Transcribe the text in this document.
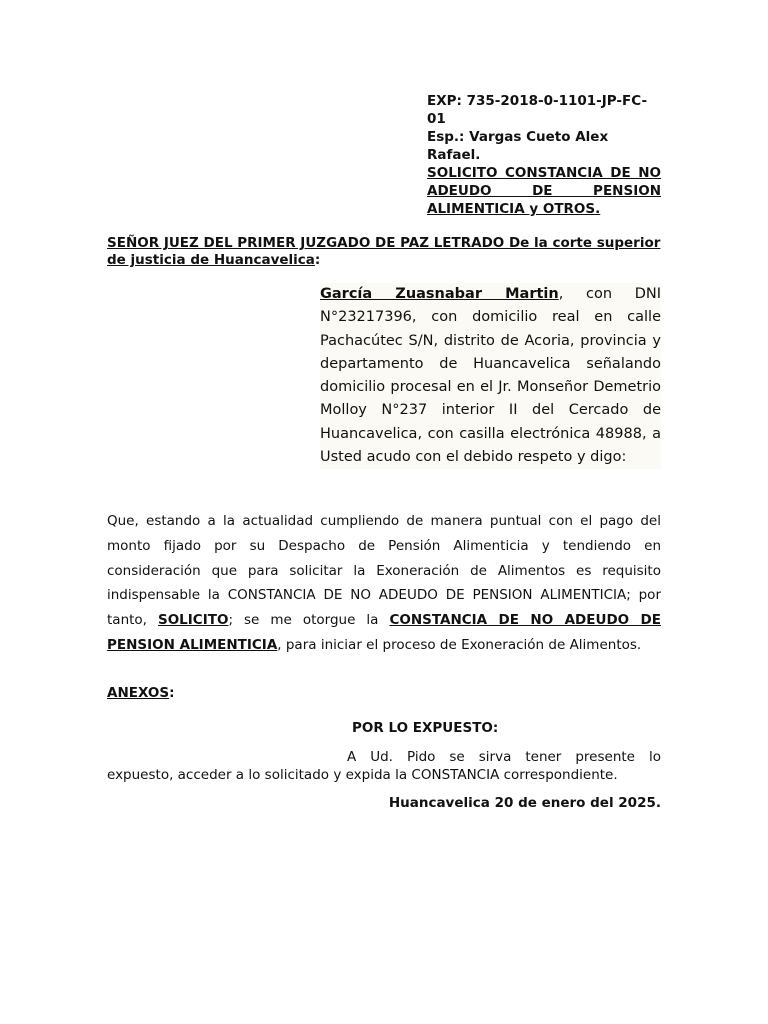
EXP: 735-2018-0-1101-JP-FC-01
Esp.: Vargas Cueto Alex Rafael.
SOLICITO CONSTANCIA DE NO ADEUDO DE PENSION ALIMENTICIA y OTROS.
SEÑOR JUEZ DEL PRIMER JUZGADO DE PAZ LETRADO De la corte superior de justicia de Huancavelica:
García Zuasnabar Martin, con DNI N°23217396, con domicilio real en calle Pachacútec S/N, distrito de Acoria, provincia y departamento de Huancavelica señalando domicilio procesal en el Jr. Monseñor Demetrio Molloy N°237 interior II del Cercado de Huancavelica, con casilla electrónica 48988, a Usted acudo con el debido respeto y digo:
Que, estando a la actualidad cumpliendo de manera puntual con el pago del monto fijado por su Despacho de Pensión Alimenticia y tendiendo en consideración que para solicitar la Exoneración de Alimentos es requisito indispensable la CONSTANCIA DE NO ADEUDO DE PENSION ALIMENTICIA; por tanto, SOLICITO; se me otorgue la CONSTANCIA DE NO ADEUDO DE PENSION ALIMENTICIA, para iniciar el proceso de Exoneración de Alimentos.
ANEXOS:
POR LO EXPUESTO:
A Ud. Pido se sirva tener presente lo expuesto, acceder a lo solicitado y expida la CONSTANCIA correspondiente.
Huancavelica 20 de enero del 2025.
